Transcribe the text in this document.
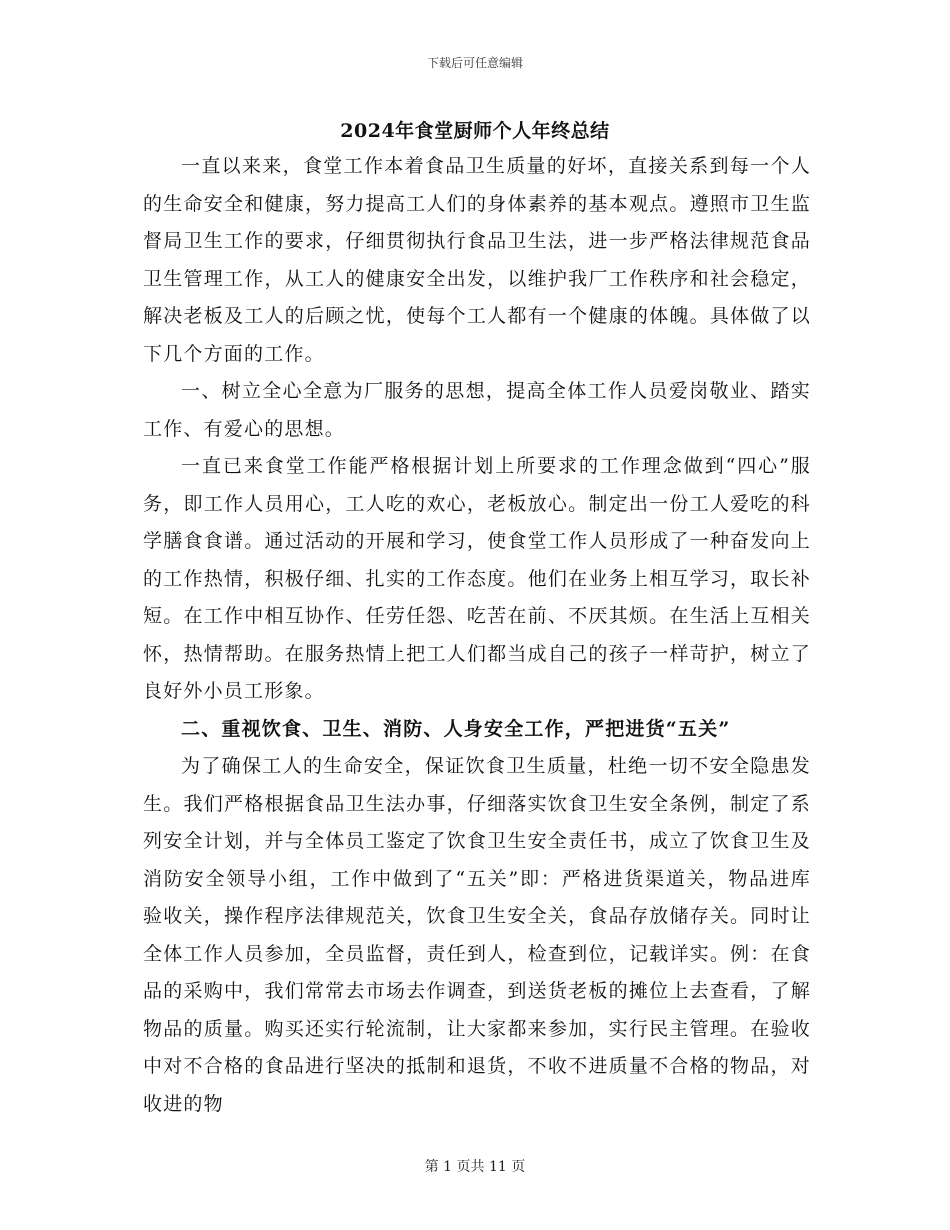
下载后可任意编辑
2024年食堂厨师个人年终总结

一直以来来，食堂工作本着食品卫生质量的好坏，直接关系到每一个人的生命安全和健康，努力提高工人们的身体素养的基本观点。遵照市卫生监督局卫生工作的要求，仔细贯彻执行食品卫生法，进一步严格法律规范食品卫生管理工作，从工人的健康安全出发，以维护我厂工作秩序和社会稳定，解决老板及工人的后顾之忧，使每个工人都有一个健康的体魄。具体做了以下几个方面的工作。

一、树立全心全意为厂服务的思想，提高全体工作人员爱岗敬业、踏实工作、有爱心的思想。

一直已来食堂工作能严格根据计划上所要求的工作理念做到“四心”服务，即工作人员用心，工人吃的欢心，老板放心。制定出一份工人爱吃的科学膳食食谱。通过活动的开展和学习，使食堂工作人员形成了一种奋发向上的工作热情，积极仔细、扎实的工作态度。他们在业务上相互学习，取长补短。在工作中相互协作、任劳任怨、吃苦在前、不厌其烦。在生活上互相关怀，热情帮助。在服务热情上把工人们都当成自己的孩子一样苛护，树立了良好外小员工形象。

二、重视饮食、卫生、消防、人身安全工作，严把进货“五关”

为了确保工人的生命安全，保证饮食卫生质量，杜绝一切不安全隐患发生。我们严格根据食品卫生法办事，仔细落实饮食卫生安全条例，制定了系列安全计划，并与全体员工鉴定了饮食卫生安全责任书，成立了饮食卫生及消防安全领导小组，工作中做到了“五关”即：严格进货渠道关，物品进库验收关，操作程序法律规范关，饮食卫生安全关，食品存放储存关。同时让全体工作人员参加，全员监督，责任到人，检查到位，记载详实。例：在食品的采购中，我们常常去市场去作调查，到送货老板的摊位上去查看，了解物品的质量。购买还实行轮流制，让大家都来参加，实行民主管理。在验收中对不合格的食品进行坚决的抵制和退货，不收不进质量不合格的物品，对收进的物

第 1 页共 11 页
